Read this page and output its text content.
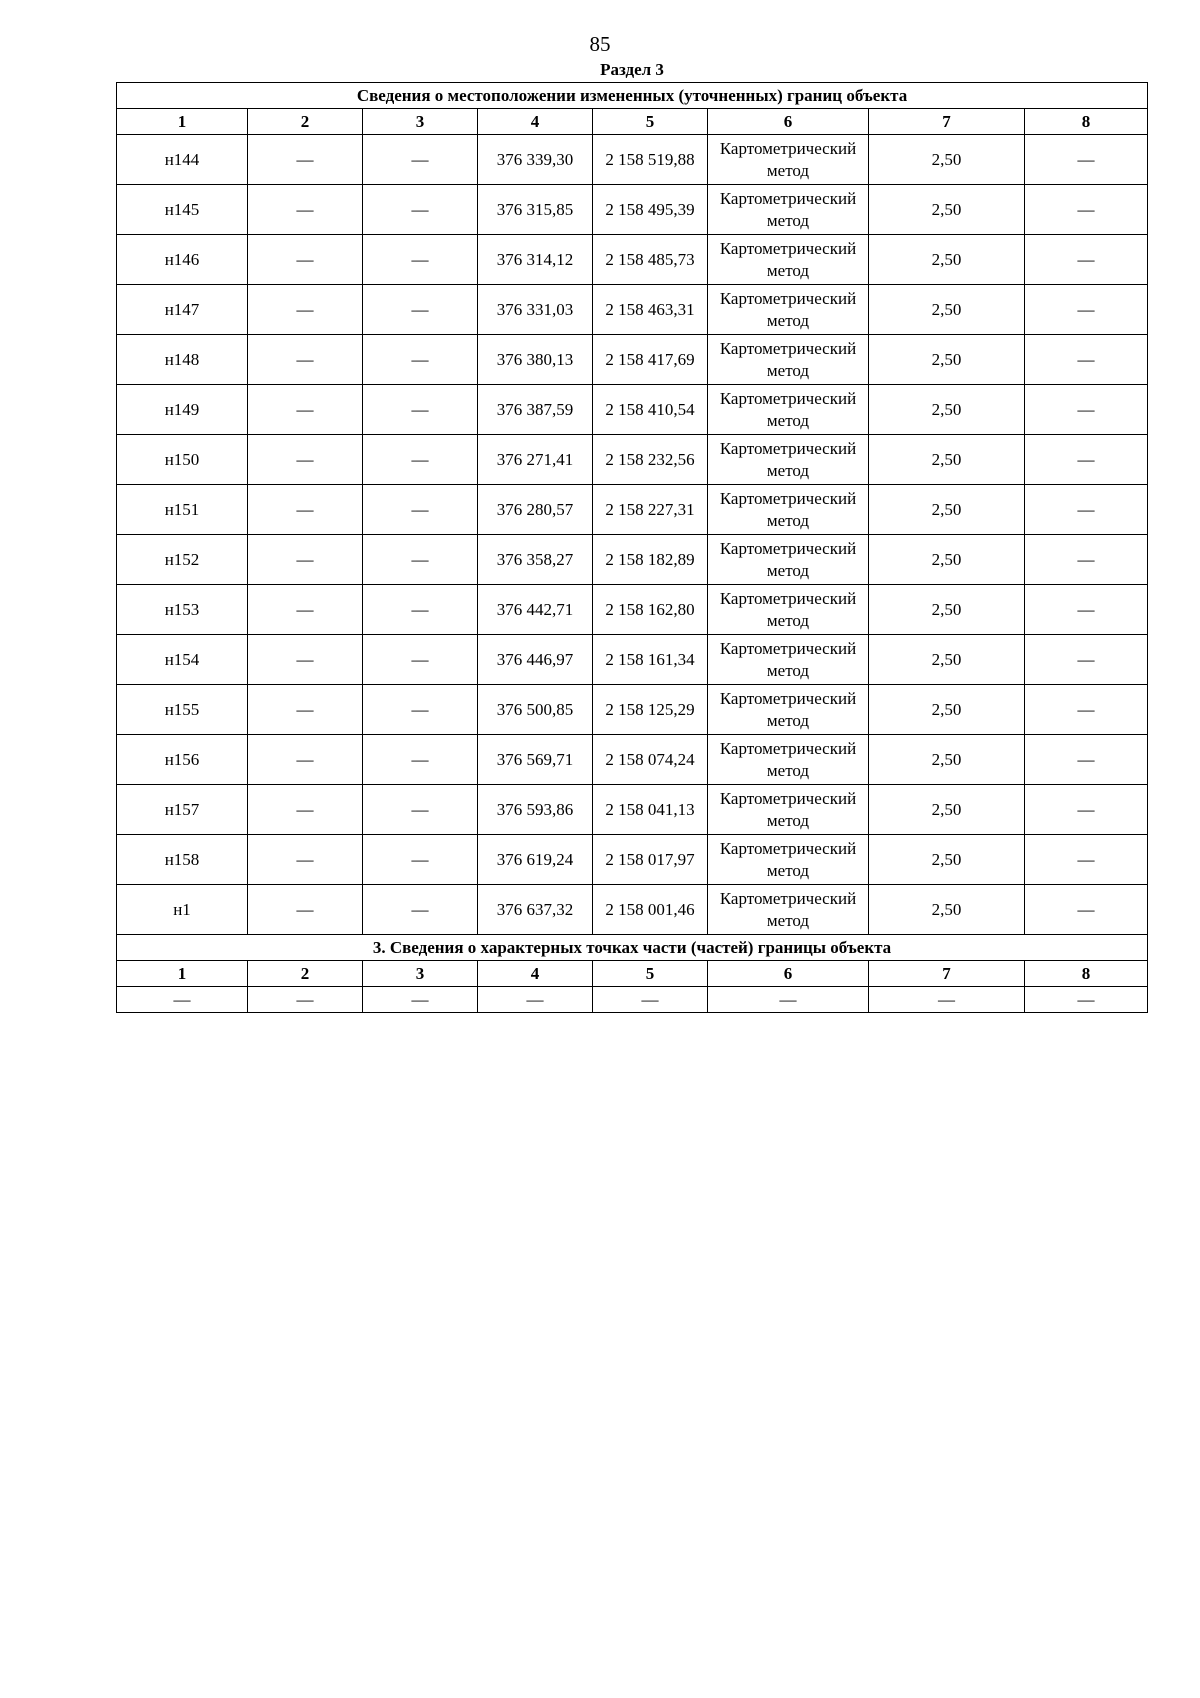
85
Раздел 3
Сведения о местоположении измененных (уточненных) границ объекта							
1	2	3	4	5	6	7	8
н144	—	—	376 339,30	2 158 519,88	Картометрический метод	2,50	—
н145	—	—	376 315,85	2 158 495,39	Картометрический метод	2,50	—
н146	—	—	376 314,12	2 158 485,73	Картометрический метод	2,50	—
н147	—	—	376 331,03	2 158 463,31	Картометрический метод	2,50	—
н148	—	—	376 380,13	2 158 417,69	Картометрический метод	2,50	—
н149	—	—	376 387,59	2 158 410,54	Картометрический метод	2,50	—
н150	—	—	376 271,41	2 158 232,56	Картометрический метод	2,50	—
н151	—	—	376 280,57	2 158 227,31	Картометрический метод	2,50	—
н152	—	—	376 358,27	2 158 182,89	Картометрический метод	2,50	—
н153	—	—	376 442,71	2 158 162,80	Картометрический метод	2,50	—
н154	—	—	376 446,97	2 158 161,34	Картометрический метод	2,50	—
н155	—	—	376 500,85	2 158 125,29	Картометрический метод	2,50	—
н156	—	—	376 569,71	2 158 074,24	Картометрический метод	2,50	—
н157	—	—	376 593,86	2 158 041,13	Картометрический метод	2,50	—
н158	—	—	376 619,24	2 158 017,97	Картометрический метод	2,50	—
н1	—	—	376 637,32	2 158 001,46	Картометрический метод	2,50	—
3. Сведения о характерных точках части (частей) границы объекта							
1	2	3	4	5	6	7	8
—	—	—	—	—	—	—	—
